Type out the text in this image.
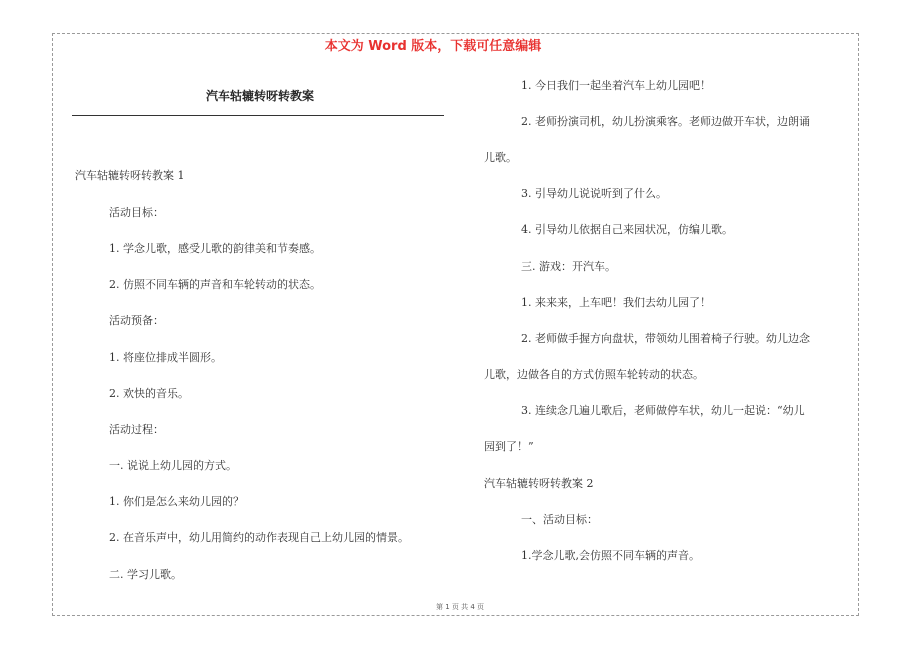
本文为 Word 版本，下载可任意编辑
汽车轱辘转呀转教案

汽车轱辘转呀转教案 1

活动目标：

1. 学念儿歌，感受儿歌的韵律美和节奏感。

2. 仿照不同车辆的声音和车轮转动的状态。

活动预备：

1. 将座位排成半圆形。

2. 欢快的音乐。

活动过程：

一. 说说上幼儿园的方式。

1. 你们是怎么来幼儿园的？

2. 在音乐声中，幼儿用简约的动作表现自己上幼儿园的情景。

二. 学习儿歌。

1. 今日我们一起坐着汽车上幼儿园吧！

2. 老师扮演司机，幼儿扮演乘客。老师边做开车状，边朗诵

儿歌。

3. 引导幼儿说说听到了什么。

4. 引导幼儿依据自己来园状况，仿编儿歌。

三. 游戏：开汽车。

1. 来来来，上车吧！我们去幼儿园了！

2. 老师做手握方向盘状，带领幼儿围着椅子行驶。幼儿边念

儿歌，边做各自的方式仿照车轮转动的状态。

3. 连续念几遍儿歌后，老师做停车状，幼儿一起说：“幼儿

园到了！”

汽车轱辘转呀转教案 2

一、活动目标：

1.学念儿歌,会仿照不同车辆的声音。

第 1 页 共 4 页
